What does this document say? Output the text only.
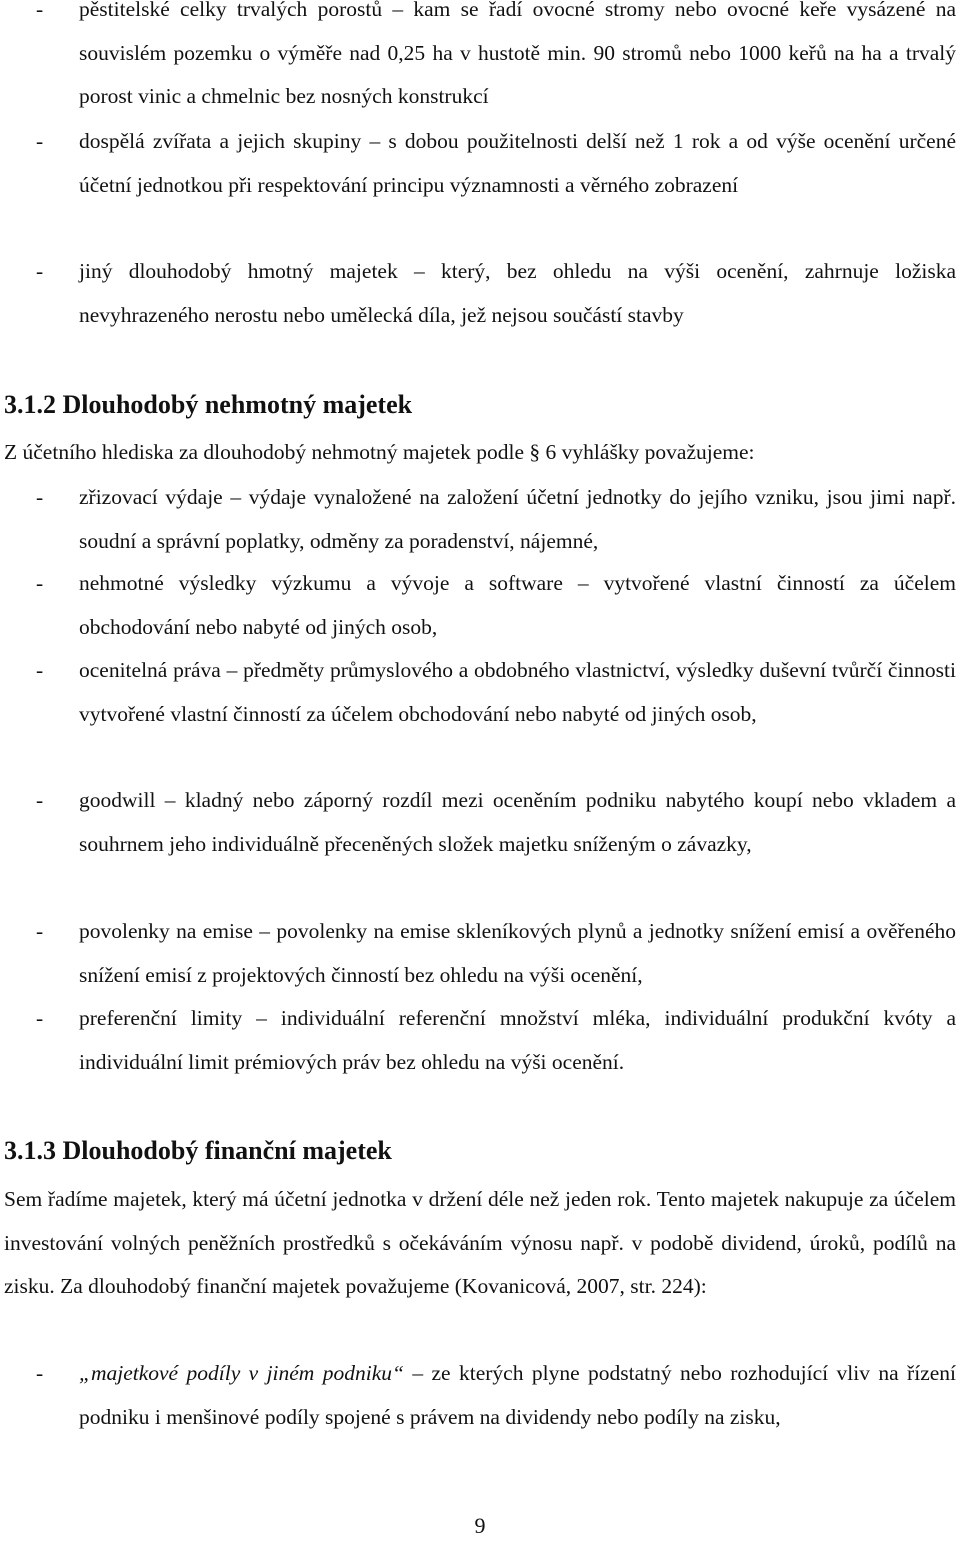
- pěstitelské celky trvalých porostů – kam se řadí ovocné stromy nebo ovocné keře vysázené na souvislém pozemku o výměře nad 0,25 ha v hustotě min. 90 stromů nebo 1000 keřů na ha a trvalý porost vinic a chmelnic bez nosných konstrukcí
- dospělá zvířata a jejich skupiny – s dobou použitelnosti delší než 1 rok a od výše ocenění určené účetní jednotkou při respektování principu významnosti a věrného zobrazení
- jiný dlouhodobý hmotný majetek – který, bez ohledu na výši ocenění, zahrnuje ložiska nevyhrazeného nerostu nebo umělecká díla, jež nejsou součástí stavby
3.1.2 Dlouhodobý nehmotný majetek
Z účetního hlediska za dlouhodobý nehmotný majetek podle § 6 vyhlášky považujeme:
- zřizovací výdaje – výdaje vynaložené na založení účetní jednotky do jejího vzniku, jsou jimi např. soudní a správní poplatky, odměny za poradenství, nájemné,
- nehmotné výsledky výzkumu a vývoje a software – vytvořené vlastní činností za účelem obchodování nebo nabyté od jiných osob,
- ocenitelná práva – předměty průmyslového a obdobného vlastnictví, výsledky duševní tvůrčí činnosti vytvořené vlastní činností za účelem obchodování nebo nabyté od jiných osob,
- goodwill – kladný nebo záporný rozdíl mezi oceněním podniku nabytého koupí nebo vkladem a souhrnem jeho individuálně přeceněných složek majetku sníženým o závazky,
- povolenky na emise – povolenky na emise skleníkových plynů a jednotky snížení emisí a ověřeného snížení emisí z projektových činností bez ohledu na výši ocenění,
- preferenční limity – individuální referenční množství mléka, individuální produkční kvóty a individuální limit prémiových práv bez ohledu na výši ocenění.
3.1.3 Dlouhodobý finanční majetek
Sem řadíme majetek, který má účetní jednotka v držení déle než jeden rok. Tento majetek nakupuje za účelem investování volných peněžních prostředků s očekáváním výnosu např. v podobě dividend, úroků, podílů na zisku. Za dlouhodobý finanční majetek považujeme (Kovanicová, 2007, str. 224):
- „majetkové podíly v jiném podniku“ – ze kterých plyne podstatný nebo rozhodující vliv na řízení podniku i menšinové podíly spojené s právem na dividendy nebo podíly na zisku,
9
